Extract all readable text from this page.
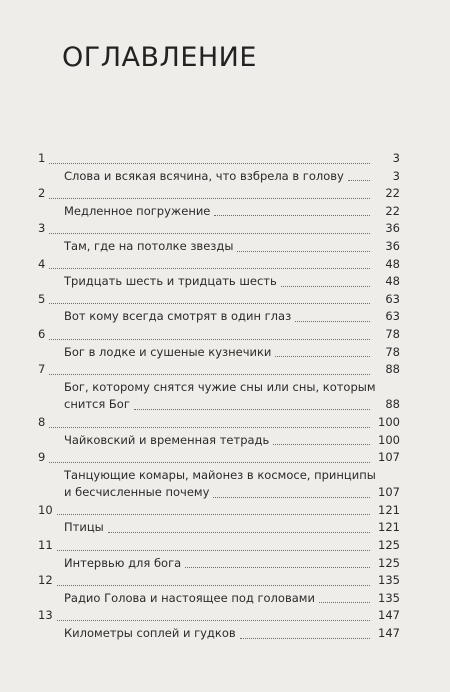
ОГЛАВЛЕНИЕ
1	3
Слова и всякая всячина, что взбрела в голову	3
2	22
Медленное погружение	22
3	36
Там, где на потолке звезды	36
4	48
Тридцать шесть и тридцать шесть	48
5	63
Вот кому всегда смотрят в один глаз	63
6	78
Бог в лодке и сушеные кузнечики	78
7	88
Бог, которому снятся чужие сны или сны, которым
снится Бог	88
8	100
Чайковский и временная тетрадь	100
9	107
Танцующие комары, майонез в космосе, принципы
и бесчисленные почему	107
10	121
Птицы	121
11	125
Интервью для бога	125
12	135
Радио Голова и настоящее под головами	135
13	147
Километры соплей и гудков	147
